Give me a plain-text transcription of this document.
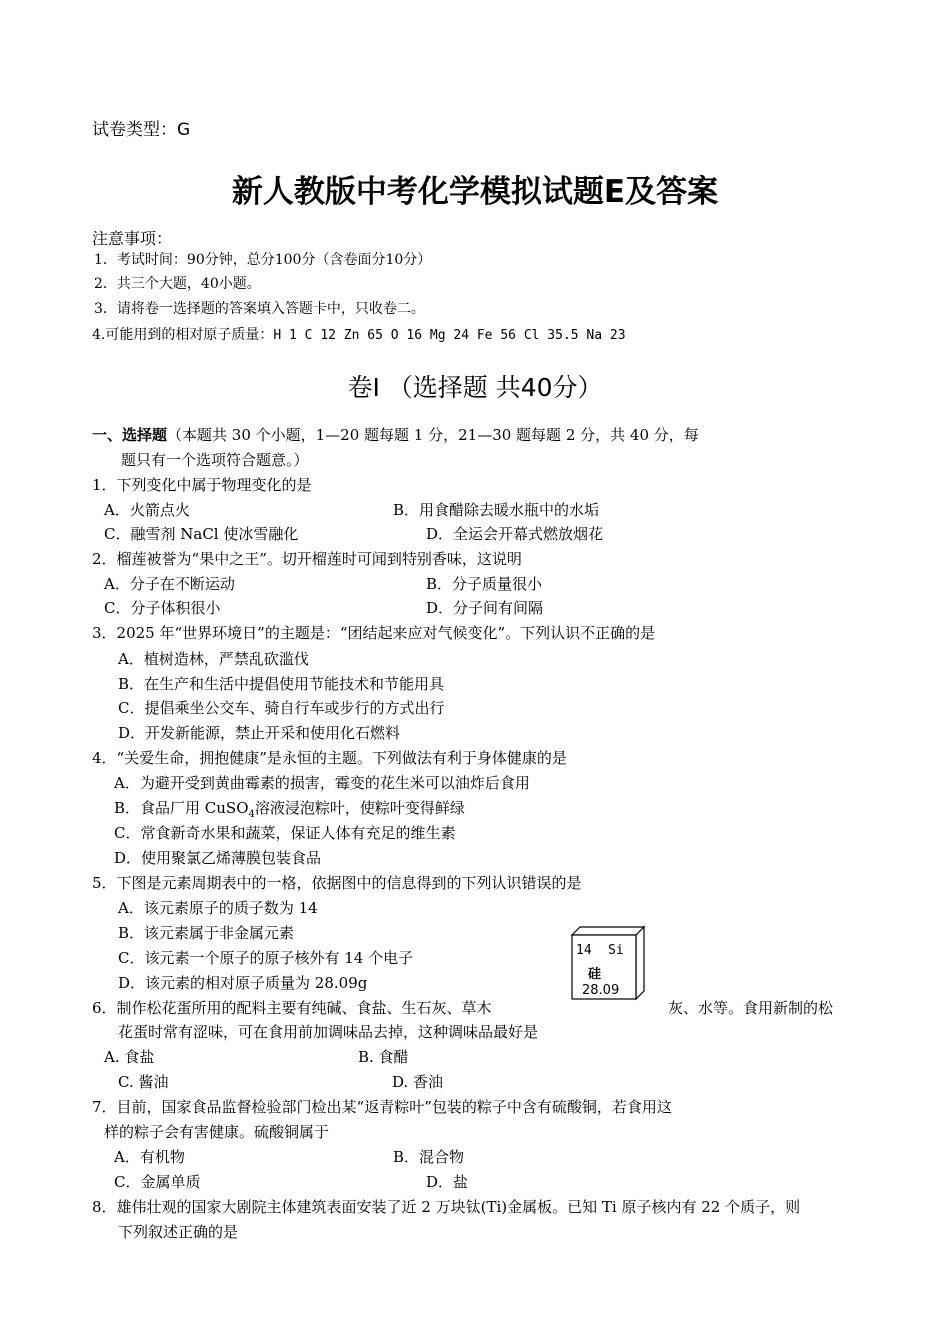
试卷类型：G
新人教版中考化学模拟试题E及答案
注意事项：
1．考试时间：90分钟，总分100分（含卷面分10分）
2．共三个大题，40小题。
3．请将卷一选择题的答案填入答题卡中，只收卷二。
4.可能用到的相对原子质量：H 1 C 12 Zn 65 O 16 Mg 24 Fe 56 Cl 35.5 Na 23
卷Ⅰ （选择题 共40分）
一、选择题（本题共 30 个小题，1—20 题每题 1 分，21—30 题每题 2 分，共 40 分，每
题只有一个选项符合题意。）
1．下列变化中属于物理变化的是
A．火箭点火	B．用食醋除去暖水瓶中的水垢
C．融雪剂 NaCl 使冰雪融化	D．全运会开幕式燃放烟花
2．榴莲被誉为“果中之王”。切开榴莲时可闻到特别香味，这说明
A．分子在不断运动	B．分子质量很小
C．分子体积很小	D．分子间有间隔
3．2025 年“世界环境日”的主题是：“团结起来应对气候变化”。下列认识不正确的是
A．植树造林，严禁乱砍滥伐
B．在生产和生活中提倡使用节能技术和节能用具
C．提倡乘坐公交车、骑自行车或步行的方式出行
D．开发新能源，禁止开采和使用化石燃料
4．“关爱生命，拥抱健康”是永恒的主题。下列做法有利于身体健康的是
A．为避开受到黄曲霉素的损害，霉变的花生米可以油炸后食用
B．食品厂用 CuSO$_4$溶液浸泡粽叶，使粽叶变得鲜绿
C．常食新奇水果和蔬菜，保证人体有充足的维生素
D．使用聚氯乙烯薄膜包装食品
5．下图是元素周期表中的一格，依据图中的信息得到的下列认识错误的是
A．该元素原子的质子数为 14
B．该元素属于非金属元素
C．该元素一个原子的原子核外有 14 个电子
D．该元素的相对原子质量为 28.09g
14 Si
硅
28.09
6．制作松花蛋所用的配料主要有纯碱、食盐、生石灰、草木	灰、水等。食用新制的松
花蛋时常有涩味，可在食用前加调味品去掉，这种调味品最好是
A. 食盐	B. 食醋
C. 酱油	D. 香油
7．目前，国家食品监督检验部门检出某“返青粽叶”包装的粽子中含有硫酸铜，若食用这
样的粽子会有害健康。硫酸铜属于
A．有机物	B．混合物
C．金属单质	D．盐
8．雄伟壮观的国家大剧院主体建筑表面安装了近 2 万块钛(Ti)金属板。已知 Ti 原子核内有 22 个质子，则
下列叙述正确的是
